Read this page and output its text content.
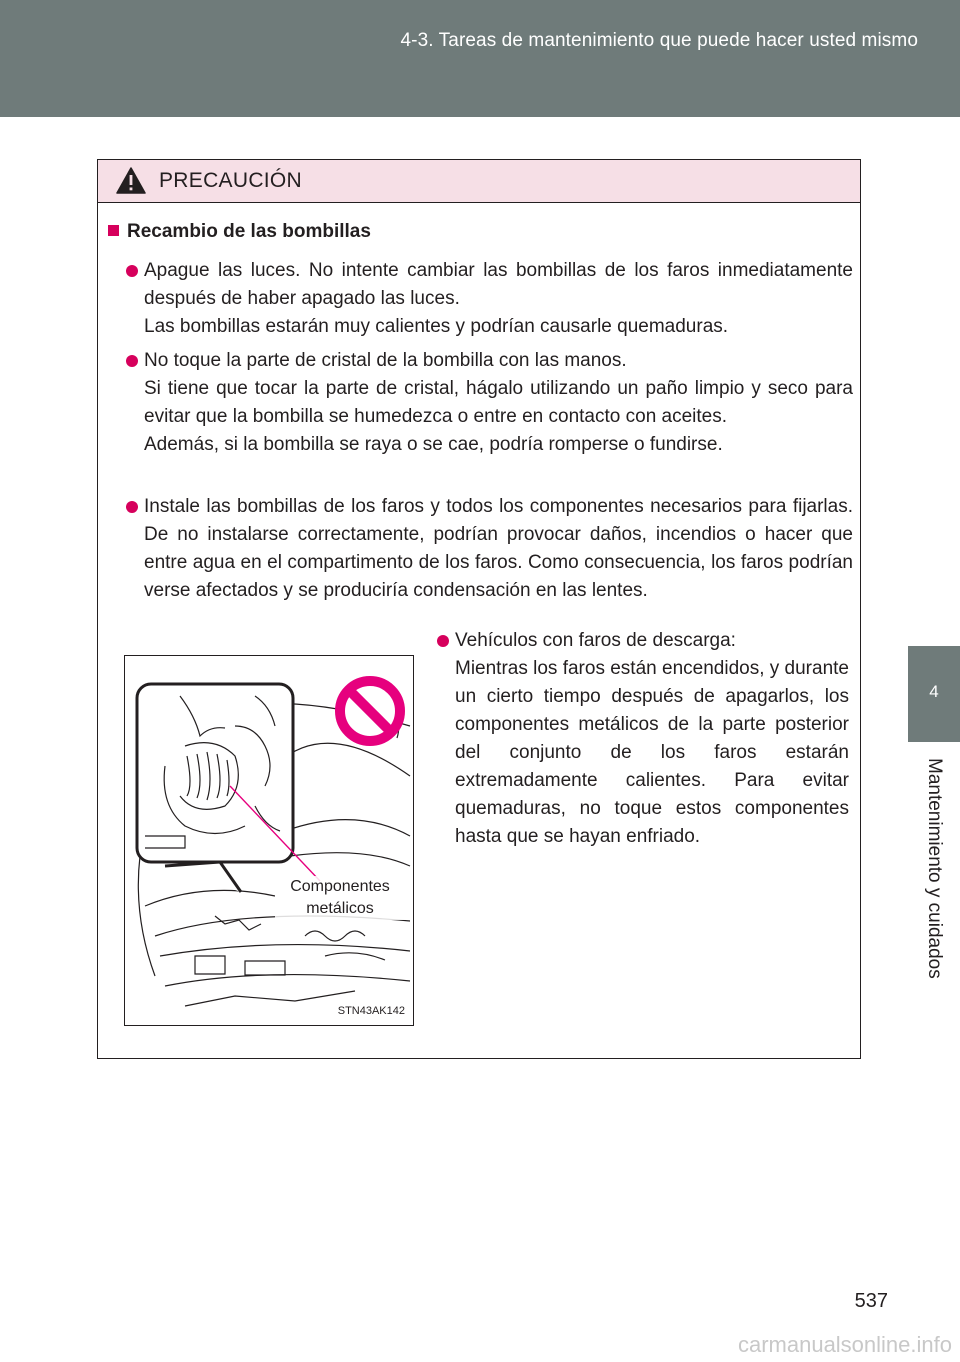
4-3. Tareas de mantenimiento que puede hacer usted mismo
4
Mantenimiento y cuidados
PRECAUCIÓN
Recambio de las bombillas

Apague las luces. No intente cambiar las bombillas de los faros inmediatamente después de haber apagado las luces.

Las bombillas estarán muy calientes y podrían causarle quemaduras.

No toque la parte de cristal de la bombilla con las manos.

Si tiene que tocar la parte de cristal, hágalo utilizando un paño limpio y seco para evitar que la bombilla se humedezca o entre en contacto con aceites.

Además, si la bombilla se raya o se cae, podría romperse o fundirse.

Instale las bombillas de los faros y todos los componentes necesarios para fijarlas. De no instalarse correctamente, podrían provocar daños, incendios o hacer que entre agua en el compartimento de los faros. Como consecuencia, los faros podrían verse afectados y se produciría condensación en las lentes.

Vehículos con faros de descarga:

Mientras los faros están encendidos, y durante un cierto tiempo después de apagarlos, los componentes metálicos de la parte posterior del conjunto de los faros estarán extremadamente calientes. Para evitar quemaduras, no toque estos componentes hasta que se hayan enfriado.

Componentes
metálicos
STN43AK142
537
carmanualsonline.info
